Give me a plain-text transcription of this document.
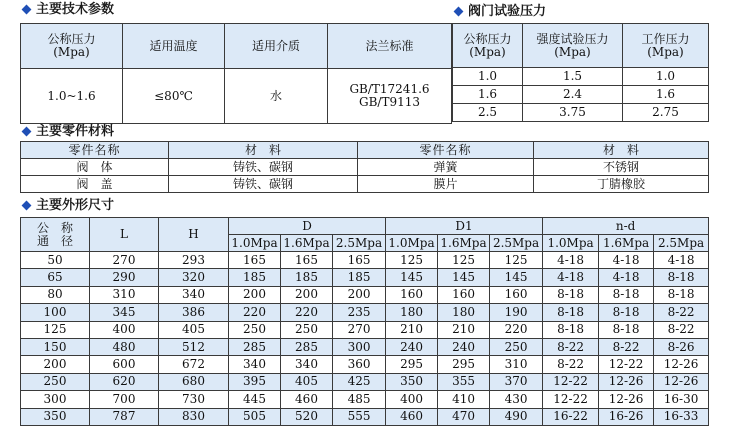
主要技术参数	阀门试验压力
公称压力
(Mpa)	适用温度	适用介质	法兰标准
1.0~1.6	≤80℃	水	GB/T17241.6
GB/T9113
公称压力
(Mpa)	强度试验压力
(Mpa)	工作压力
(Mpa)
1.0	1.5	1.0
1.6	2.4	1.6
2.5	3.75	2.75
主要零件材料
零件名称	材　料	零件名称	材　料
阀　体	铸铁、碳钢	弹簧	不锈钢
阀　盖	铸铁、碳钢	膜片	丁腈橡胶
主要外形尺寸
公　称
通　径	L	H	D			D1			n-d		
			1.0Mpa	1.6Mpa	2.5Mpa	1.0Mpa	1.6Mpa	2.5Mpa	1.0Mpa	1.6Mpa	2.5Mpa
50	270	293	165	165	165	125	125	125	4-18	4-18	4-18
65	290	320	185	185	185	145	145	145	4-18	4-18	8-18
80	310	340	200	200	200	160	160	160	8-18	8-18	8-18
100	345	386	220	220	235	180	180	190	8-18	8-18	8-22
125	400	405	250	250	270	210	210	220	8-18	8-18	8-22
150	480	512	285	285	300	240	240	250	8-22	8-22	8-26
200	600	672	340	340	360	295	295	310	8-22	12-22	12-26
250	620	680	395	405	425	350	355	370	12-22	12-26	12-26
300	700	730	445	460	485	400	410	430	12-22	12-26	16-30
350	787	830	505	520	555	460	470	490	16-22	16-26	16-33
